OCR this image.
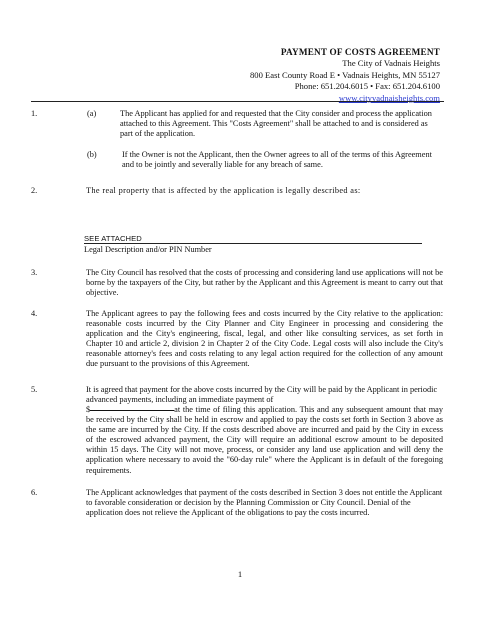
PAYMENT OF COSTS AGREEMENT
The City of Vadnais Heights
800 East County Road E • Vadnais Heights, MN 55127
Phone: 651.204.6015 • Fax: 651.204.6100
www.cityvadnaisheights.com
1.	(a)	The Applicant has applied for and requested that the City consider and process the application attached to this Agreement. This "Costs Agreement" shall be attached to and is considered as part of the application.
(b)	If the Owner is not the Applicant, then the Owner agrees to all of the terms of this Agreement and to be jointly and severally liable for any breach of same.
2.	The real property that is affected by the application is legally described as:
SEE ATTACHED
Legal Description and/or PIN Number
3.	The City Council has resolved that the costs of processing and considering land use applications will not be borne by the taxpayers of the City, but rather by the Applicant and this Agreement is meant to carry out that objective.
4.	The Applicant agrees to pay the following fees and costs incurred by the City relative to the application: reasonable costs incurred by the City Planner and City Engineer in processing and considering the application and the City's engineering, fiscal, legal, and other like consulting services, as set forth in Chapter 10 and article 2, division 2 in Chapter 2 of the City Code. Legal costs will also include the City's reasonable attorney's fees and costs relating to any legal action required for the collection of any amount due pursuant to the provisions of this Agreement.
5.	It is agreed that payment for the above costs incurred by the City will be paid by the Applicant in periodic advanced payments, including an immediate payment of
$	at the time of filing this application. This and any subsequent amount that may be received by the City shall be held in escrow and applied to pay the costs set forth in Section 3 above as the same are incurred by the City. If the costs described above are incurred and paid by the City in excess of the escrowed advanced payment, the City will require an additional escrow amount to be deposited within 15 days. The City will not move, process, or consider any land use application and will deny the application where necessary to avoid the "60-day rule" where the Applicant is in default of the foregoing requirements.
6.	The Applicant acknowledges that payment of the costs described in Section 3 does not entitle the Applicant to favorable consideration or decision by the Planning Commission or City Council. Denial of the application does not relieve the Applicant of the obligations to pay the costs incurred.
1
